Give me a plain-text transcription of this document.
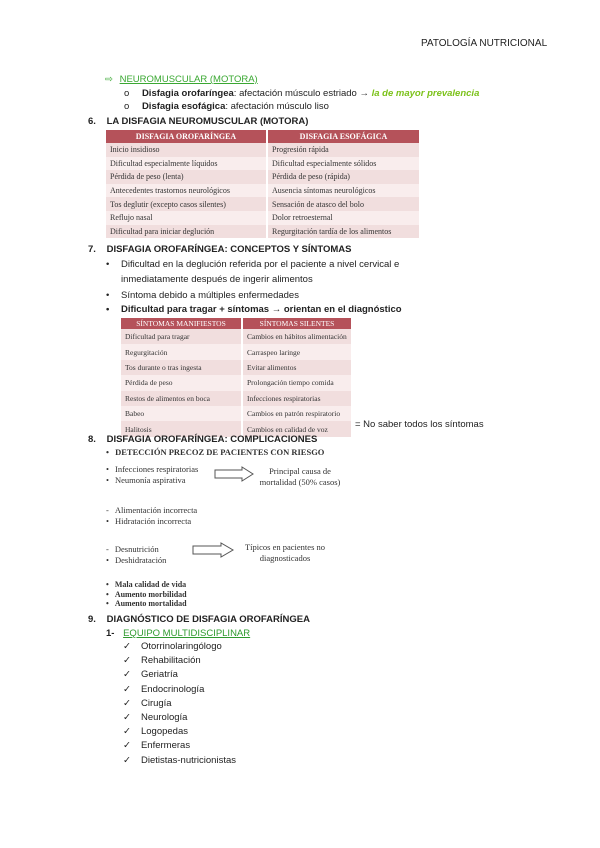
PATOLOGÍA NUTRICIONAL
⇨ NEUROMUSCULAR (MOTORA)
o Disfagia orofaríngea: afectación músculo estriado → la de mayor prevalencia
o Disfagia esofágica: afectación músculo liso
6. LA DISFAGIA NEUROMUSCULAR (MOTORA)
DISFAGIA OROFARÍNGEA	DISFAGIA ESOFÁGICA
Inicio insidioso	Progresión rápida
Dificultad especialmente líquidos	Dificultad especialmente sólidos
Pérdida de peso (lenta)	Pérdida de peso (rápida)
Antecedentes trastornos neurológicos	Ausencia síntomas neurológicos
Tos deglutir (excepto casos silentes)	Sensación de atasco del bolo
Reflujo nasal	Dolor retroesternal
Dificultad para iniciar deglución	Regurgitación tardía de los alimentos
7. DISFAGIA OROFARÍNGEA: CONCEPTOS Y SÍNTOMAS
• Dificultad en la deglución referida por el paciente a nivel cervical e
inmediatamente después de ingerir alimentos
• Síntoma debido a múltiples enfermedades
• Dificultad para tragar + síntomas → orientan en el diagnóstico
SÍNTOMAS MANIFIESTOS	SÍNTOMAS SILENTES
Dificultad para tragar	Cambios en hábitos alimentación
Regurgitación	Carraspeo laringe
Tos durante o tras ingesta	Evitar alimentos
Pérdida de peso	Prolongación tiempo comida
Restos de alimentos en boca	Infecciones respiratorias
Babeo	Cambios en patrón respiratorio
Halitosis	Cambios en calidad de voz	= No saber todos los síntomas
8. DISFAGIA OROFARÍNGEA: COMPLICACIONES
• DETECCIÓN PRECOZ DE PACIENTES CON RIESGO
• Infecciones respiratorias
• Neumonía aspirativa
Principal causa de
mortalidad (50% casos)
- Alimentación incorrecta
• Hidratación incorrecta
- Desnutrición
• Deshidratación
Típicos en pacientes no
diagnosticados
• Mala calidad de vida
• Aumento morbilidad
• Aumento mortalidad
9. DIAGNÓSTICO DE DISFAGIA OROFARÍNGEA
1- EQUIPO MULTIDISCIPLINAR
✓ Otorrinolaringólogo
✓ Rehabilitación
✓ Geriatría
✓ Endocrinología
✓ Cirugía
✓ Neurología
✓ Logopedas
✓ Enfermeras
✓ Dietistas-nutricionistas
